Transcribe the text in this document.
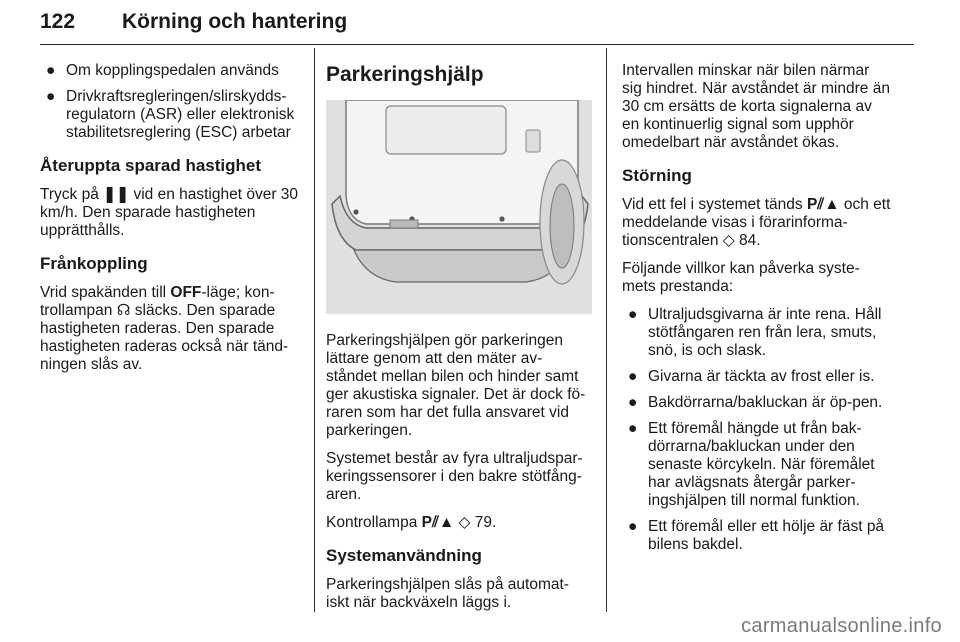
122 Körning och hantering
● Om kopplingspedalen används
● Drivkraftsregleringen/slirskydds-regulatorn (ASR) eller elektronisk stabilitetsreglering (ESC) arbetar
Återuppta sparad hastighet

Tryck på ❚❚ vid en hastighet över 30 km/h. Den sparade hastigheten upprätthålls.

Frånkoppling

Vrid spakänden till OFF-läge; kon-trollampan ☊ släcks. Den sparade hastigheten raderas. Den sparade hastigheten raderas också när tänd-ningen slås av.

Parkeringshjälp

Parkeringshjälpen gör parkeringen lättare genom att den mäter av-ståndet mellan bilen och hinder samt ger akustiska signaler. Det är dock fö-raren som har det fulla ansvaret vid parkeringen.

Systemet består av fyra ultraljudspar-keringssensorer i den bakre stötfång-aren.

Kontrollampa P⫽▲ ◇ 79.

Systemanvändning

Parkeringshjälpen slås på automat-iskt när backväxeln läggs i.

Intervallen minskar när bilen närmar sig hindret. När avståndet är mindre än 30 cm ersätts de korta signalerna av en kontinuerlig signal som upphör omedelbart när avståndet ökas.

Störning

Vid ett fel i systemet tänds P⫽▲ och ett meddelande visas i förarinforma-tionscentralen ◇ 84.

Följande villkor kan påverka syste-mets prestanda:

● Ultraljudsgivarna är inte rena. Håll stötfångaren ren från lera, smuts, snö, is och slask.
● Givarna är täckta av frost eller is.
● Bakdörrarna/bakluckan är öp-pen.
● Ett föremål hängde ut från bak-dörrarna/bakluckan under den senaste körcykeln. När föremålet har avlägsnats återgår parker-ingshjälpen till normal funktion.
● Ett föremål eller ett hölje är fäst på bilens bakdel.
carmanualsonline.info
